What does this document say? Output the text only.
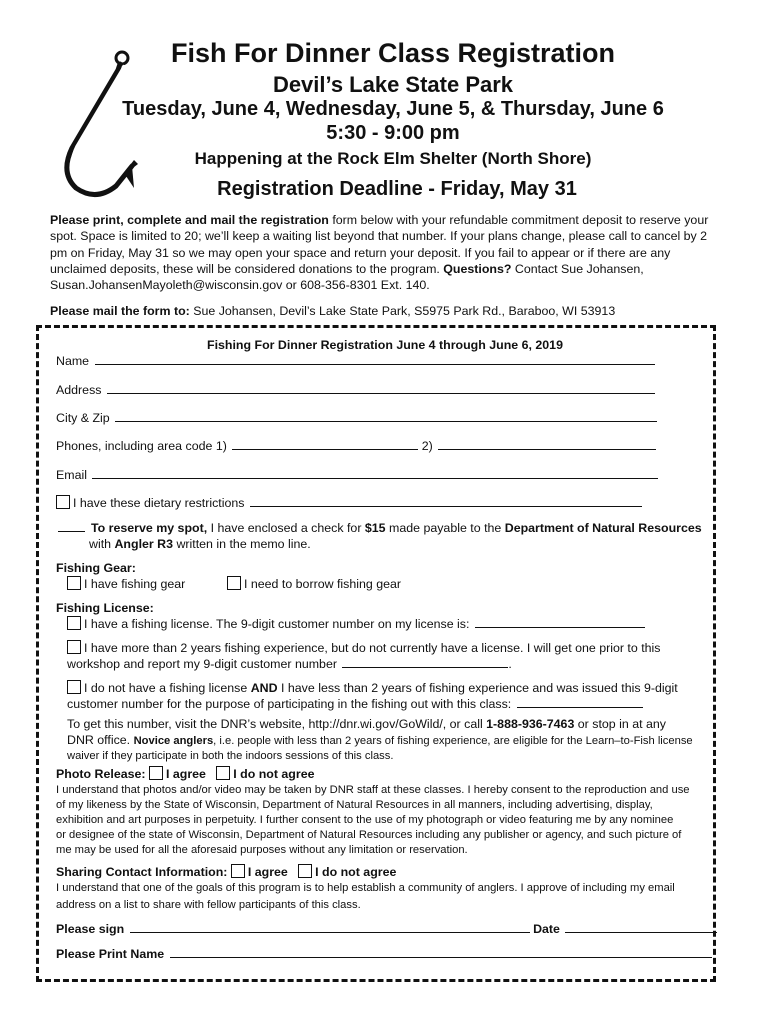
Fish For Dinner Class Registration
Devil’s Lake State Park
Tuesday, June 4, Wednesday, June 5, & Thursday, June 6
5:30 - 9:00 pm
Happening at the Rock Elm Shelter (North Shore)
Registration Deadline - Friday, May 31
Please print, complete and mail the registration form below with your refundable commitment deposit to reserve your spot. Space is limited to 20; we’ll keep a waiting list beyond that number. If your plans change, please call to cancel by 2 pm on Friday, May 31 so we may open your space and return your deposit. If you fail to appear or if there are any unclaimed deposits, these will be considered donations to the program. Questions? Contact Sue Johansen, Susan.JohansenMayoleth@wisconsin.gov or 608-356-8301 Ext. 140.
Please mail the form to: Sue Johansen, Devil’s Lake State Park, S5975 Park Rd., Baraboo, WI 53913
Fishing For Dinner Registration June 4 through June 6, 2019
Name
Address
City & Zip
Phones, including area code 1)	2)
Email
I have these dietary restrictions
To reserve my spot, I have enclosed a check for $15 made payable to the Department of Natural Resources
with Angler R3 written in the memo line.
Fishing Gear:
I have fishing gear	I need to borrow fishing gear
Fishing License:
I have a fishing license. The 9-digit customer number on my license is:
I have more than 2 years fishing experience, but do not currently have a license. I will get one prior to this
workshop and report my 9-digit customer number	.
I do not have a fishing license AND I have less than 2 years of fishing experience and was issued this 9-digit
customer number for the purpose of participating in the fishing out with this class:
To get this number, visit the DNR’s website, http://dnr.wi.gov/GoWild/, or call 1-888-936-7463 or stop in at any
DNR office. Novice anglers, i.e. people with less than 2 years of fishing experience, are eligible for the Learn–to-Fish license
waiver if they participate in both the indoors sessions of this class.
Photo Release: I agree I do not agree
I understand that photos and/or video may be taken by DNR staff at these classes. I hereby consent to the reproduction and use
of my likeness by the State of Wisconsin, Department of Natural Resources in all manners, including advertising, display,
exhibition and art purposes in perpetuity. I further consent to the use of my photograph or video featuring me by any nominee
or designee of the state of Wisconsin, Department of Natural Resources including any publisher or agency, and such picture of
me may be used for all the aforesaid purposes without any limitation or reservation.
Sharing Contact Information: I agree I do not agree
I understand that one of the goals of this program is to help establish a community of anglers. I approve of including my email
address on a list to share with fellow participants of this class.
Please sign	Date
Please Print Name
